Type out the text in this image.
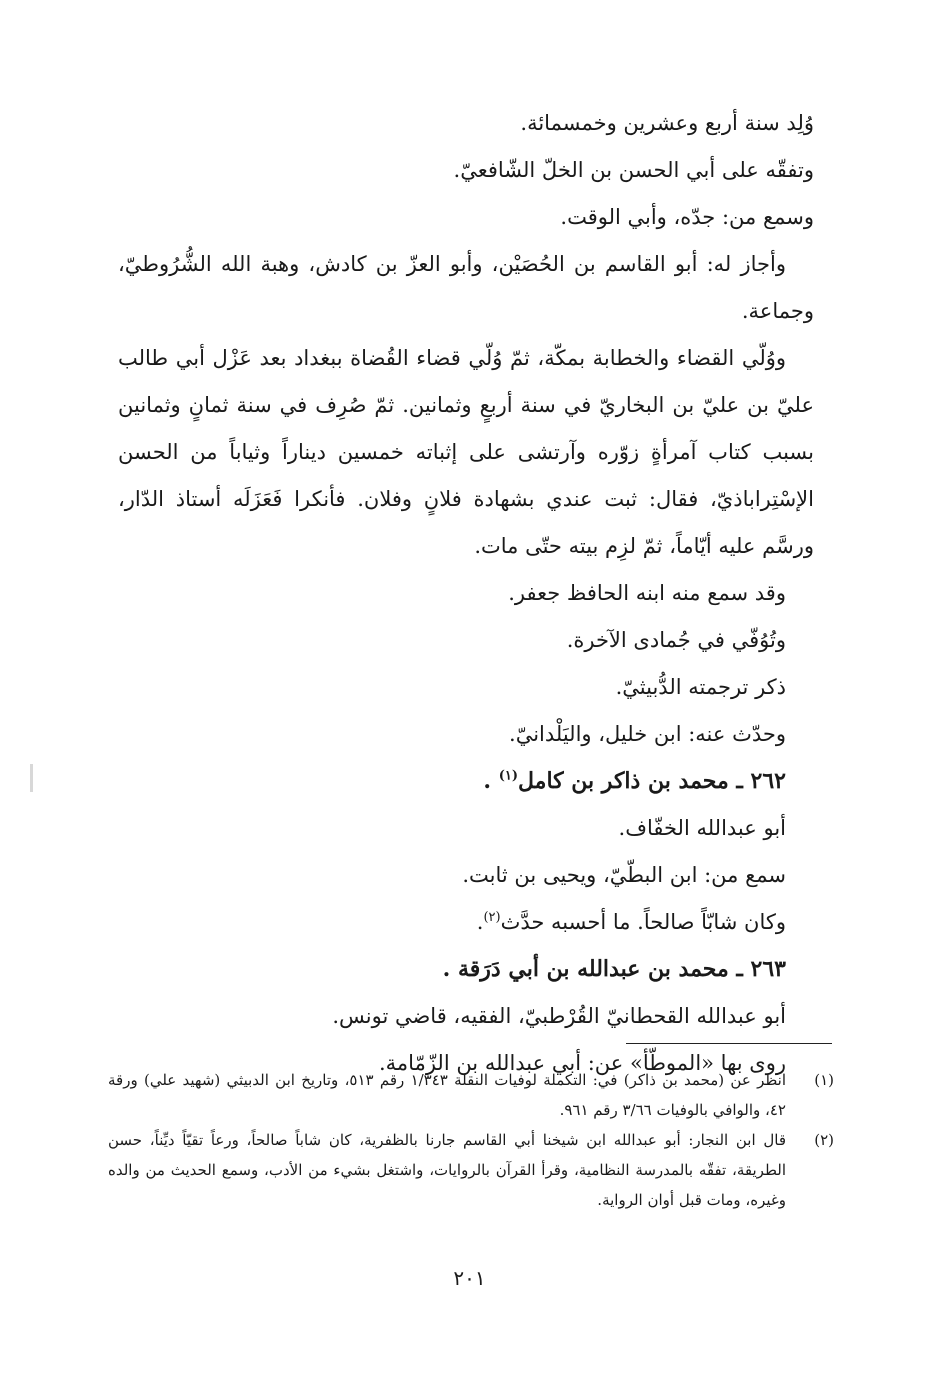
وُلِد سنة أربع وعشرين وخمسمائة.

وتفقّه على أبي الحسن بن الخلّ الشّافعيّ.

وسمع من: جدّه، وأبي الوقت.

وأجاز له: أبو القاسم بن الحُصَيْن، وأبو العزّ بن كادش، وهبة الله الشُّرُوطيّ، وجماعة.

ووُلّي القضاء والخطابة بمكّة، ثمّ وُلّي قضاء القُضاة ببغداد بعد عَزْل أبي طالب عليّ بن عليّ بن البخاريّ في سنة أربعٍ وثمانين. ثمّ صُرِف في سنة ثمانٍ وثمانين بسبب كتاب آمرأةٍ زوّره وآرتشى على إثباته خمسين ديناراً وثياباً من الحسن الإسْتِراباذيّ، فقال: ثبت عندي بشهادة فلانٍ وفلان. فأنكرا فَعَزَلَه أستاذ الدّار، ورسَّم عليه أيّاماً، ثمّ لزِم بيته حتّى مات.

وقد سمع منه ابنه الحافظ جعفر.

وتُوُفّي في جُمادى الآخرة.

ذكر ترجمته الدُّبيثيّ.

وحدّث عنه: ابن خليل، واليَلْدانيّ.

٢٦٢ ـ محمد بن ذاكر بن كامل$^{(١)}$ .

أبو عبدالله الخفّاف.

سمع من: ابن البطّيّ، ويحيى بن ثابت.

وكان شابّاً صالحاً. ما أحسبه حدَّث$^{(٢)}$.

٢٦٣ ـ محمد بن عبدالله بن أبي دَرَقة .

أبو عبدالله القحطانيّ القُرْطبيّ، الفقيه، قاضي تونس.

روى بها «الموطّأ» عن: أبي عبدالله بن الزّمّامة.

(١)
انظر عن (محمد بن ذاكر) في: التكملة لوفيات النقلة ١/٣٤٣ رقم ٥١٣، وتاريخ ابن الدبيثي (شهيد علي) ورقة ٤٢، والوافي بالوفيات ٣/٦٦ رقم ٩٦١.
(٢)
قال ابن النجار: أبو عبدالله ابن شيخنا أبي القاسم جارنا بالظفرية، كان شاباً صالحاً، ورعاً تقيّاً ديِّناً، حسن الطريقة، تفقّه بالمدرسة النظامية، وقرأ القرآن بالروايات، واشتغل بشيء من الأدب، وسمع الحديث من والده وغيره، ومات قبل أوان الرواية.
٢٠١
